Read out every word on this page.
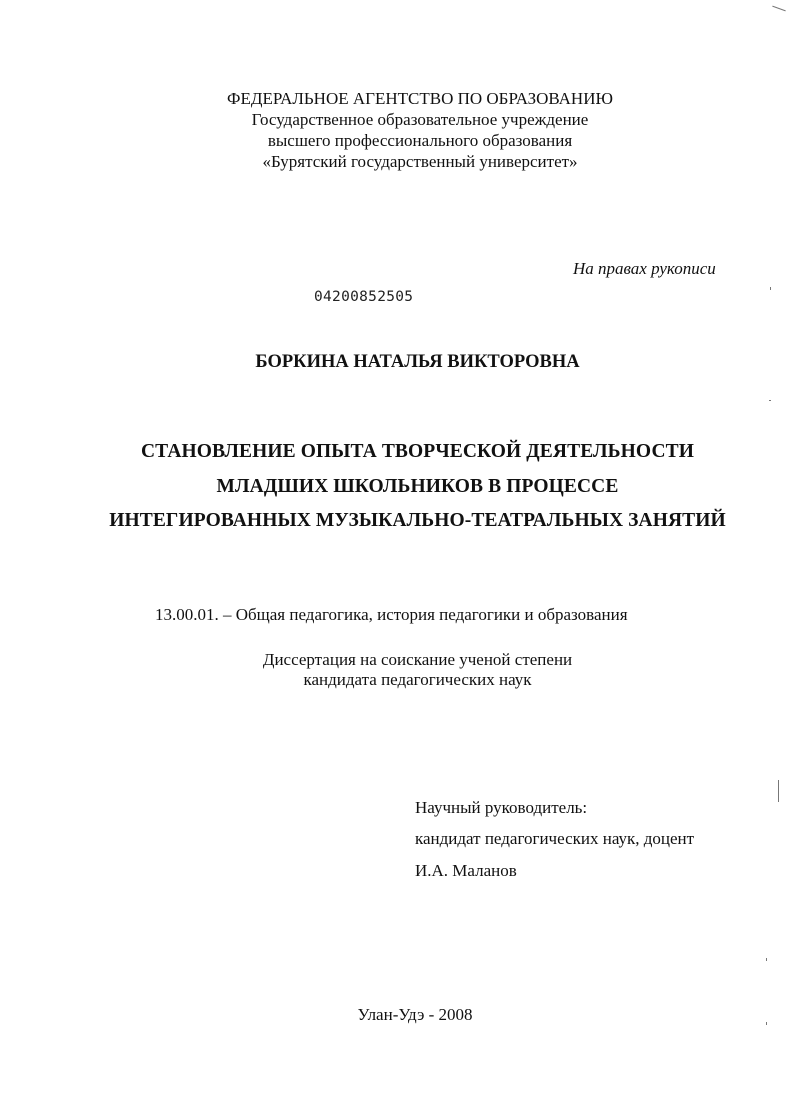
ФЕДЕРАЛЬНОЕ АГЕНТСТВО ПО ОБРАЗОВАНИЮ
Государственное образовательное учреждение
высшего профессионального образования
«Бурятский государственный университет»
На правах рукописи
04200852505
БОРКИНА НАТАЛЬЯ ВИКТОРОВНА
СТАНОВЛЕНИЕ ОПЫТА ТВОРЧЕСКОЙ ДЕЯТЕЛЬНОСТИ
МЛАДШИХ ШКОЛЬНИКОВ В ПРОЦЕССЕ
ИНТЕГИРОВАННЫХ МУЗЫКАЛЬНО-ТЕАТРАЛЬНЫХ ЗАНЯТИЙ
13.00.01. – Общая педагогика, история педагогики и образования
Диссертация на соискание ученой степени
кандидата педагогических наук
Научный руководитель:
кандидат педагогических наук, доцент
И.А. Маланов
Улан-Удэ - 2008
